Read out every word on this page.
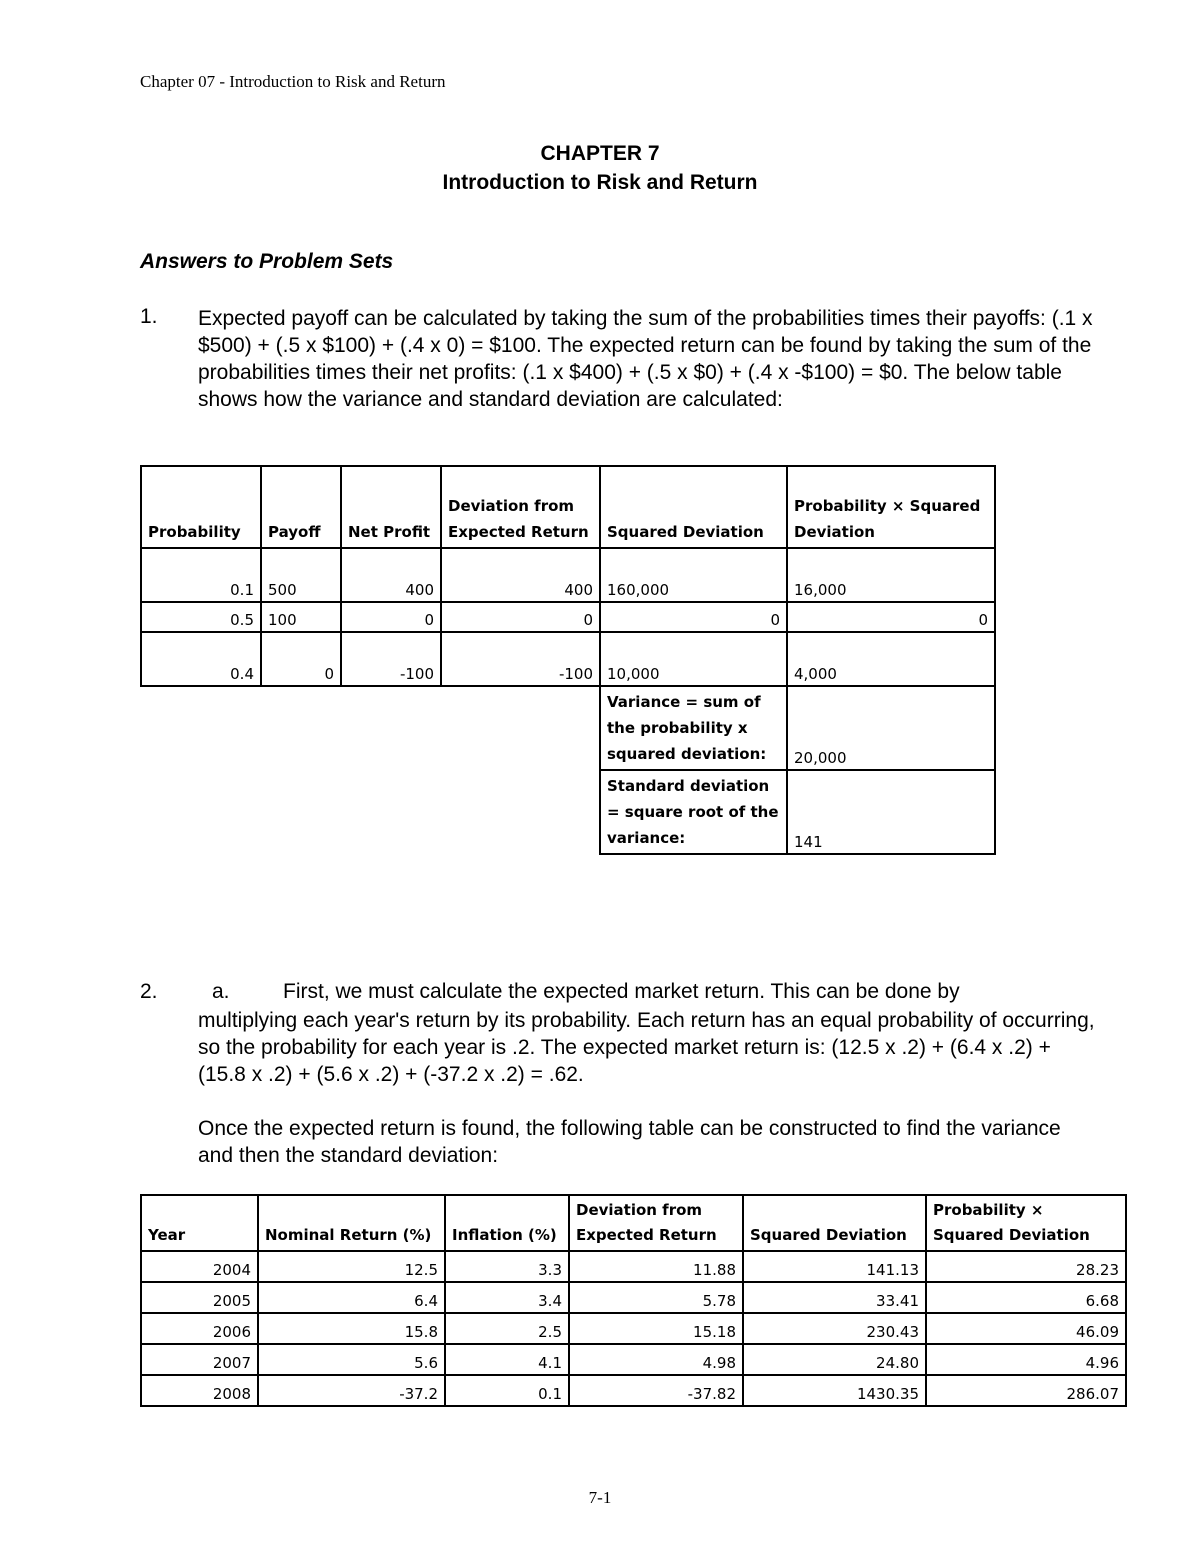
Chapter 07 - Introduction to Risk and Return
CHAPTER 7
Introduction to Risk and Return
Answers to Problem Sets
1. Expected payoff can be calculated by taking the sum of the probabilities times their payoffs: (.1 x $500) + (.5 x $100) + (.4 x 0) = $100. The expected return can be found by taking the sum of the probabilities times their net profits: (.1 x $400) + (.5 x $0) + (.4 x -$100) = $0. The below table shows how the variance and standard deviation are calculated:
Probability	Payoff	Net Profit	Deviation from Expected Return	Squared Deviation	Probability × Squared Deviation
0.1	500	400	400	160,000	16,000
0.5	100	0	0	0	0
0.4	0	-100	-100	10,000	4,000
				Variance = sum of the probability x squared deviation:	20,000
				Standard deviation = square root of the variance:	141
2.	a.	First, we must calculate the expected market return. This can be done by
multiplying each year's return by its probability. Each return has an equal probability of occurring, so the probability for each year is .2. The expected market return is: (12.5 x .2) + (6.4 x .2) + (15.8 x .2) + (5.6 x .2) + (-37.2 x .2) = .62.
Once the expected return is found, the following table can be constructed to find the variance and then the standard deviation:
Year	Nominal Return (%)	Inflation (%)	Deviation from Expected Return	Squared Deviation	Probability × Squared Deviation
2004	12.5	3.3	11.88	141.13	28.23
2005	6.4	3.4	5.78	33.41	6.68
2006	15.8	2.5	15.18	230.43	46.09
2007	5.6	4.1	4.98	24.80	4.96
2008	-37.2	0.1	-37.82	1430.35	286.07
7-1
